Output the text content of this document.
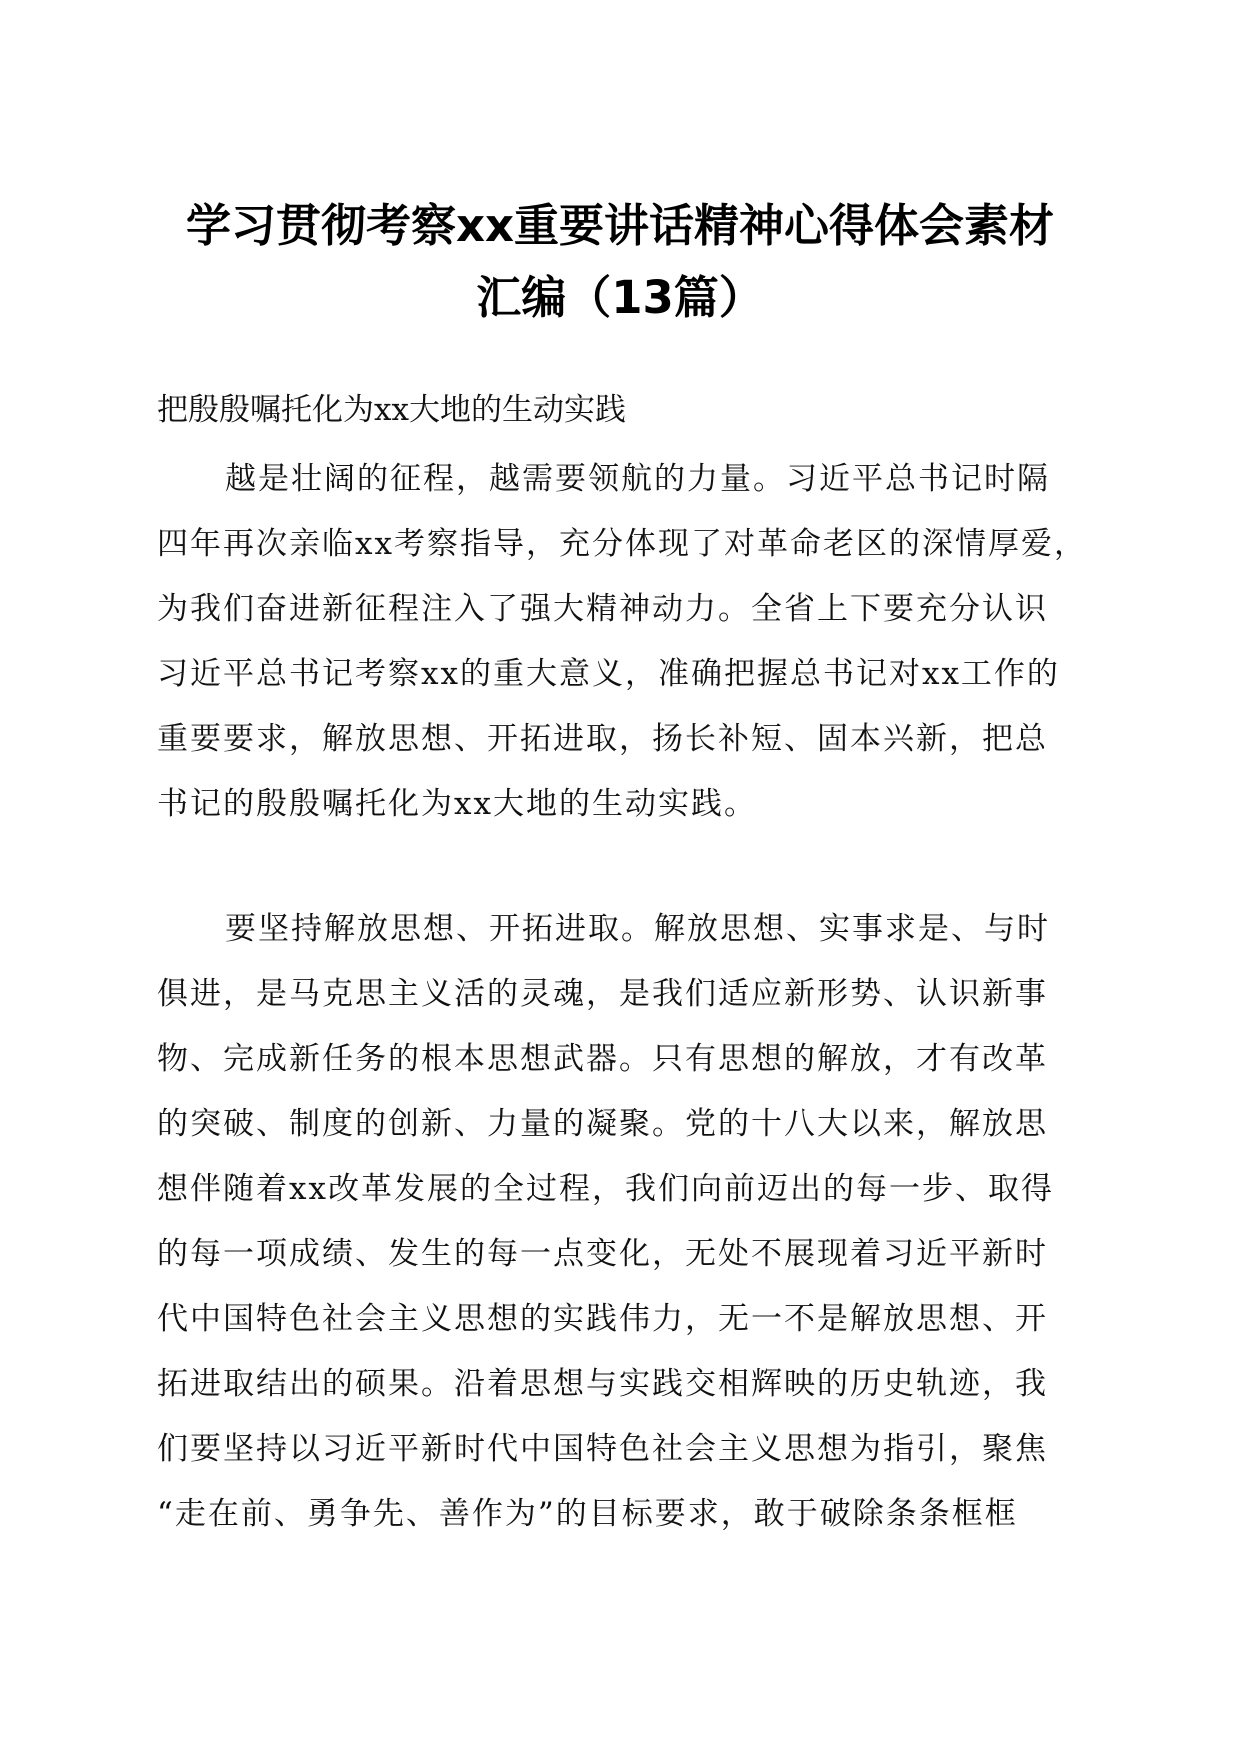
学习贯彻考察xx重要讲话精神心得体会素材
汇编（13篇）

把殷殷嘱托化为xx大地的生动实践

越是壮阔的征程，越需要领航的力量。习近平总书记时隔
四年再次亲临xx考察指导，充分体现了对革命老区的深情厚爱，
为我们奋进新征程注入了强大精神动力。全省上下要充分认识
习近平总书记考察xx的重大意义，准确把握总书记对xx工作的
重要要求，解放思想、开拓进取，扬长补短、固本兴新，把总
书记的殷殷嘱托化为xx大地的生动实践。
要坚持解放思想、开拓进取。解放思想、实事求是、与时
俱进，是马克思主义活的灵魂，是我们适应新形势、认识新事
物、完成新任务的根本思想武器。只有思想的解放，才有改革
的突破、制度的创新、力量的凝聚。党的十八大以来，解放思
想伴随着xx改革发展的全过程，我们向前迈出的每一步、取得
的每一项成绩、发生的每一点变化，无处不展现着习近平新时
代中国特色社会主义思想的实践伟力，无一不是解放思想、开
拓进取结出的硕果。沿着思想与实践交相辉映的历史轨迹，我
们要坚持以习近平新时代中国特色社会主义思想为指引，聚焦
“走在前、勇争先、善作为”的目标要求，敢于破除条条框框
